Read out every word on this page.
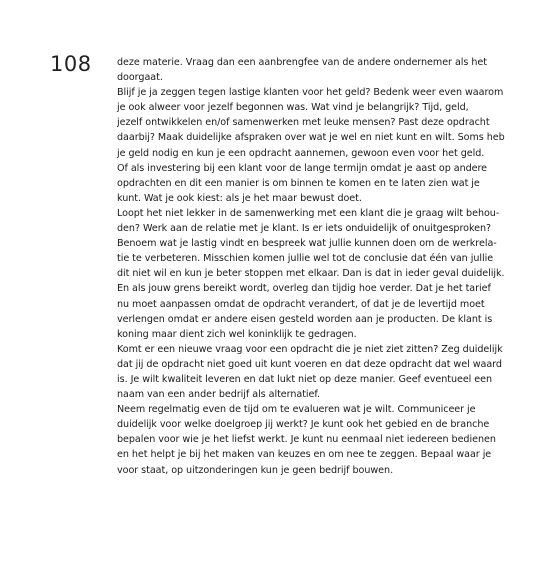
108	deze materie. Vraag dan een aanbrengfee van de andere ondernemer als het
doorgaat.
Blijf je ja zeggen tegen lastige klanten voor het geld? Bedenk weer even waarom
je ook alweer voor jezelf begonnen was. Wat vind je belangrijk? Tijd, geld,
jezelf ontwikkelen en/of samenwerken met leuke mensen? Past deze opdracht
daarbij? Maak duidelijke afspraken over wat je wel en niet kunt en wilt. Soms heb
je geld nodig en kun je een opdracht aannemen, gewoon even voor het geld.
Of als investering bij een klant voor de lange termijn omdat je aast op andere
opdrachten en dit een manier is om binnen te komen en te laten zien wat je
kunt. Wat je ook kiest: als je het maar bewust doet.
Loopt het niet lekker in de samenwerking met een klant die je graag wilt behou-
den? Werk aan de relatie met je klant. Is er iets onduidelijk of onuitgesproken?
Benoem wat je lastig vindt en bespreek wat jullie kunnen doen om de werkrela-
tie te verbeteren. Misschien komen jullie wel tot de conclusie dat één van jullie
dit niet wil en kun je beter stoppen met elkaar. Dan is dat in ieder geval duidelijk.
En als jouw grens bereikt wordt, overleg dan tijdig hoe verder. Dat je het tarief
nu moet aanpassen omdat de opdracht verandert, of dat je de levertijd moet
verlengen omdat er andere eisen gesteld worden aan je producten. De klant is
koning maar dient zich wel koninklijk te gedragen.
Komt er een nieuwe vraag voor een opdracht die je niet ziet zitten? Zeg duidelijk
dat jij de opdracht niet goed uit kunt voeren en dat deze opdracht dat wel waard
is. Je wilt kwaliteit leveren en dat lukt niet op deze manier. Geef eventueel een
naam van een ander bedrijf als alternatief.
Neem regelmatig even de tijd om te evalueren wat je wilt. Communiceer je
duidelijk voor welke doelgroep jij werkt? Je kunt ook het gebied en de branche
bepalen voor wie je het liefst werkt. Je kunt nu eenmaal niet iedereen bedienen
en het helpt je bij het maken van keuzes en om nee te zeggen. Bepaal waar je
voor staat, op uitzonderingen kun je geen bedrijf bouwen.
